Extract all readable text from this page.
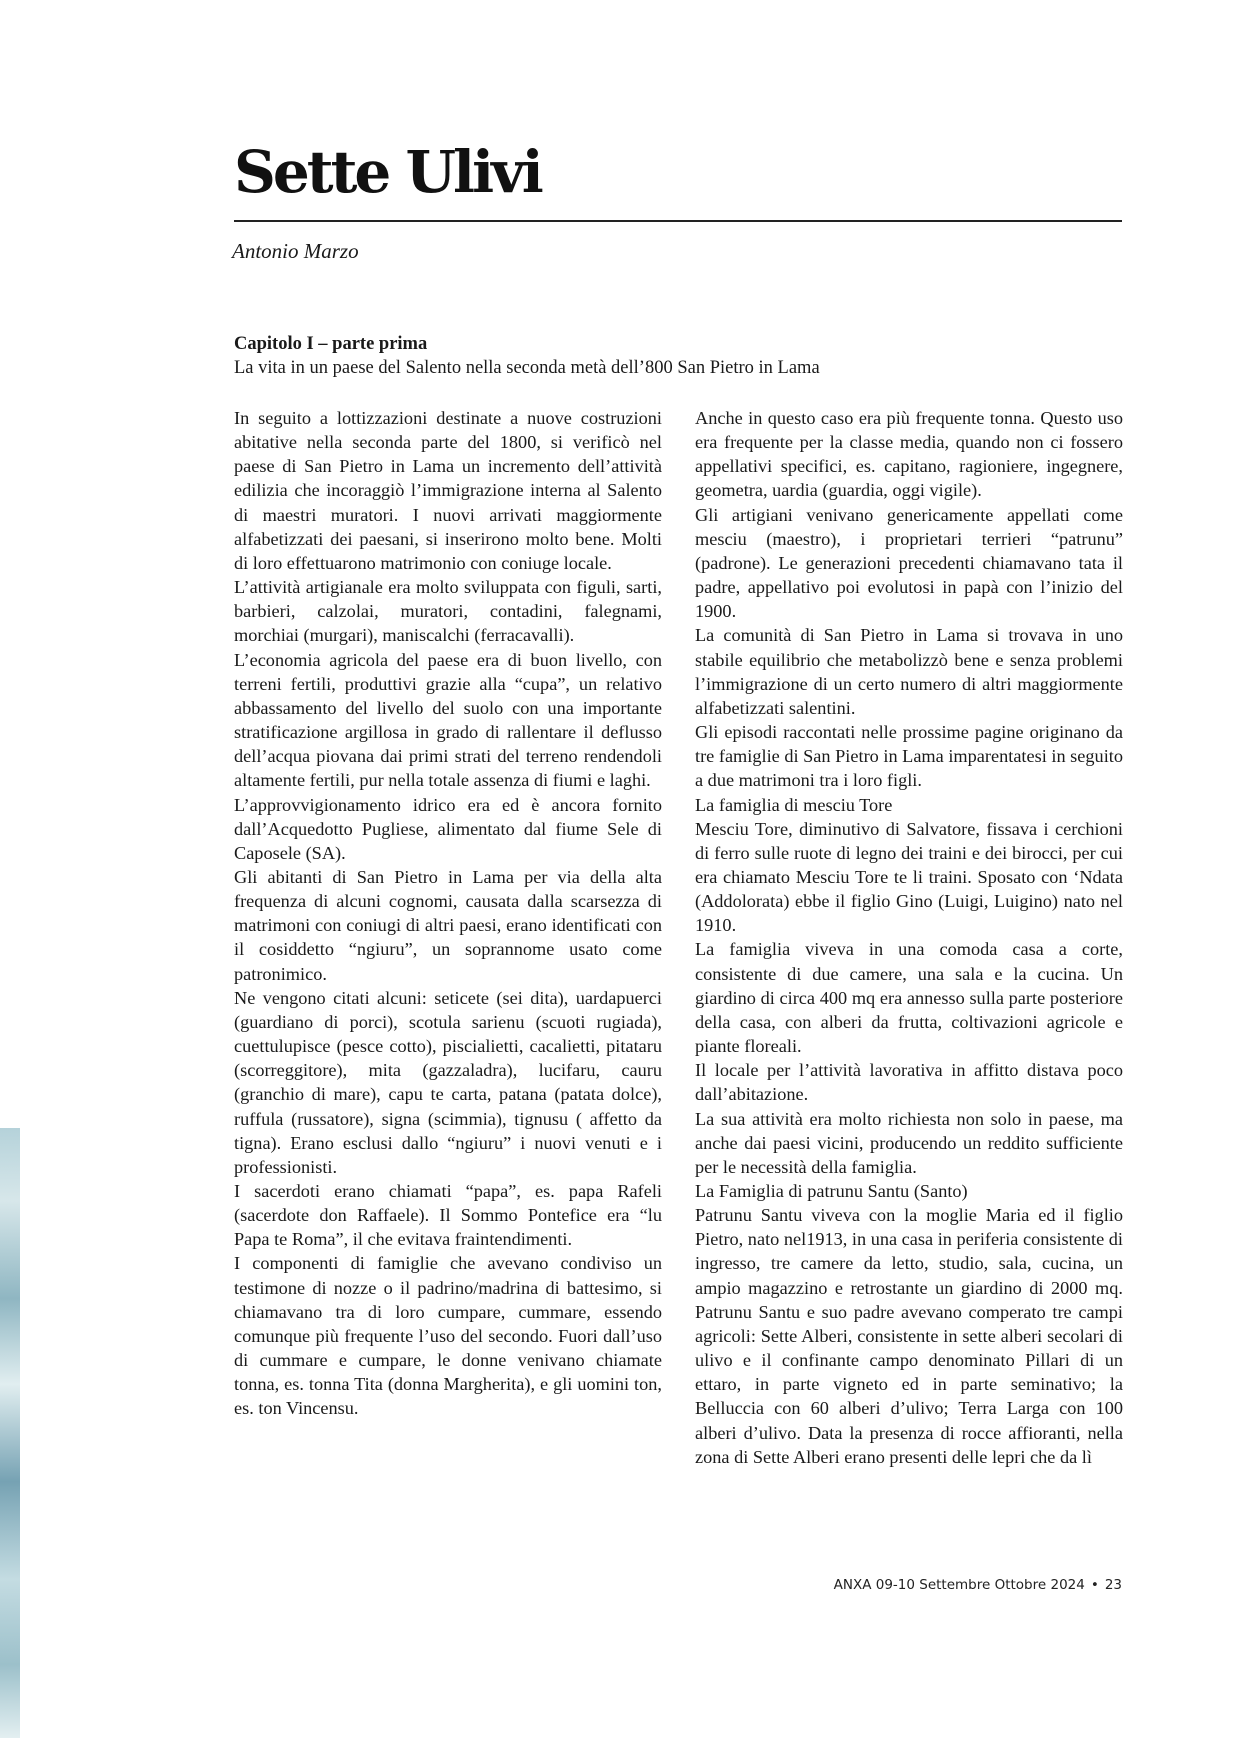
Sette Ulivi
Antonio Marzo
Capitolo I – parte prima
La vita in un paese del Salento nella seconda metà dell’800 San Pietro in Lama

In seguito a lottizzazioni destinate a nuove costruzioni abitative nella seconda parte del 1800, si verificò nel paese di San Pietro in Lama un incremento dell’attività edilizia che incoraggiò l’immigrazione interna al Salento di maestri muratori. I nuovi arrivati maggiormente alfabetizzati dei paesani, si inserirono molto bene. Molti di loro effettuarono matrimonio con coniuge locale.

L’attività artigianale era molto sviluppata con figuli, sarti, barbieri, calzolai, muratori, contadini, falegnami, morchiai (murgari), maniscalchi (ferracavalli).

L’economia agricola del paese era di buon livello, con terreni fertili, produttivi grazie alla “cupa”, un relativo abbassamento del livello del suolo con una importante stratificazione argillosa in grado di rallentare il deflusso dell’acqua piovana dai primi strati del terreno rendendoli altamente fertili, pur nella totale assenza di fiumi e laghi.

L’approvvigionamento idrico era ed è ancora fornito dall’Acquedotto Pugliese, alimentato dal fiume Sele di Caposele (SA).

Gli abitanti di San Pietro in Lama per via della alta frequenza di alcuni cognomi, causata dalla scarsezza di matrimoni con coniugi di altri paesi, erano identificati con il cosiddetto “ngiuru”, un soprannome usato come patronimico.

Ne vengono citati alcuni: seticete (sei dita), uardapuerci (guardiano di porci), scotula sarienu (scuoti rugiada), cuettulupisce (pesce cotto), piscialietti, cacalietti, pitataru (scorreggitore), mita (gazzaladra), lucifaru, cauru (granchio di mare), capu te carta, patana (patata dolce), ruffula (russatore), signa (scimmia), tignusu ( affetto da tigna). Erano esclusi dallo “ngiuru” i nuovi venuti e i professionisti.

I sacerdoti erano chiamati “papa”, es. papa Rafeli (sacerdote don Raffaele). Il Sommo Pontefice era “lu Papa te Roma”, il che evitava fraintendimenti.

I componenti di famiglie che avevano condiviso un testimone di nozze o il padrino/madrina di battesimo, si chiamavano tra di loro cumpare, cummare, essendo comunque più frequente l’uso del secondo. Fuori dall’uso di cummare e cumpare, le donne venivano chiamate tonna, es. tonna Tita (donna Margherita), e gli uomini ton, es. ton Vincensu.

Anche in questo caso era più frequente tonna. Questo uso era frequente per la classe media, quando non ci fossero appellativi specifici, es. capitano, ragioniere, ingegnere, geometra, uardia (guardia, oggi vigile).

Gli artigiani venivano genericamente appellati come mesciu (maestro), i proprietari terrieri “patrunu” (padrone). Le generazioni precedenti chiamavano tata il padre, appellativo poi evolutosi in papà con l’inizio del 1900.

La comunità di San Pietro in Lama si trovava in uno stabile equilibrio che metabolizzò bene e senza problemi l’immigrazione di un certo numero di altri maggiormente alfabetizzati salentini.

Gli episodi raccontati nelle prossime pagine originano da tre famiglie di San Pietro in Lama imparentatesi in seguito a due matrimoni tra i loro figli.

La famiglia di mesciu Tore

Mesciu Tore, diminutivo di Salvatore, fissava i cerchioni di ferro sulle ruote di legno dei traini e dei birocci, per cui era chiamato Mesciu Tore te li traini. Sposato con ‘Ndata (Addolorata) ebbe il figlio Gino (Luigi, Luigino) nato nel 1910.

La famiglia viveva in una comoda casa a corte, consistente di due camere, una sala e la cucina. Un giardino di circa 400 mq era annesso sulla parte posteriore della casa, con alberi da frutta, coltivazioni agricole e piante floreali.

Il locale per l’attività lavorativa in affitto distava poco dall’abitazione.

La sua attività era molto richiesta non solo in paese, ma anche dai paesi vicini, producendo un reddito sufficiente per le necessità della famiglia.

La Famiglia di patrunu Santu (Santo)

Patrunu Santu viveva con la moglie Maria ed il figlio Pietro, nato nel1913, in una casa in periferia consistente di ingresso, tre camere da letto, studio, sala, cucina, un ampio magazzino e retrostante un giardino di 2000 mq. Patrunu Santu e suo padre avevano comperato tre campi agricoli: Sette Alberi, consistente in sette alberi secolari di ulivo e il confinante campo denominato Pillari di un ettaro, in parte vigneto ed in parte seminativo; la Belluccia con 60 alberi d’ulivo; Terra Larga con 100 alberi d’ulivo. Data la presenza di rocce affioranti, nella zona di Sette Alberi erano presenti delle lepri che da lì

ANXA 09-10 Settembre Ottobre 2024 • 23
